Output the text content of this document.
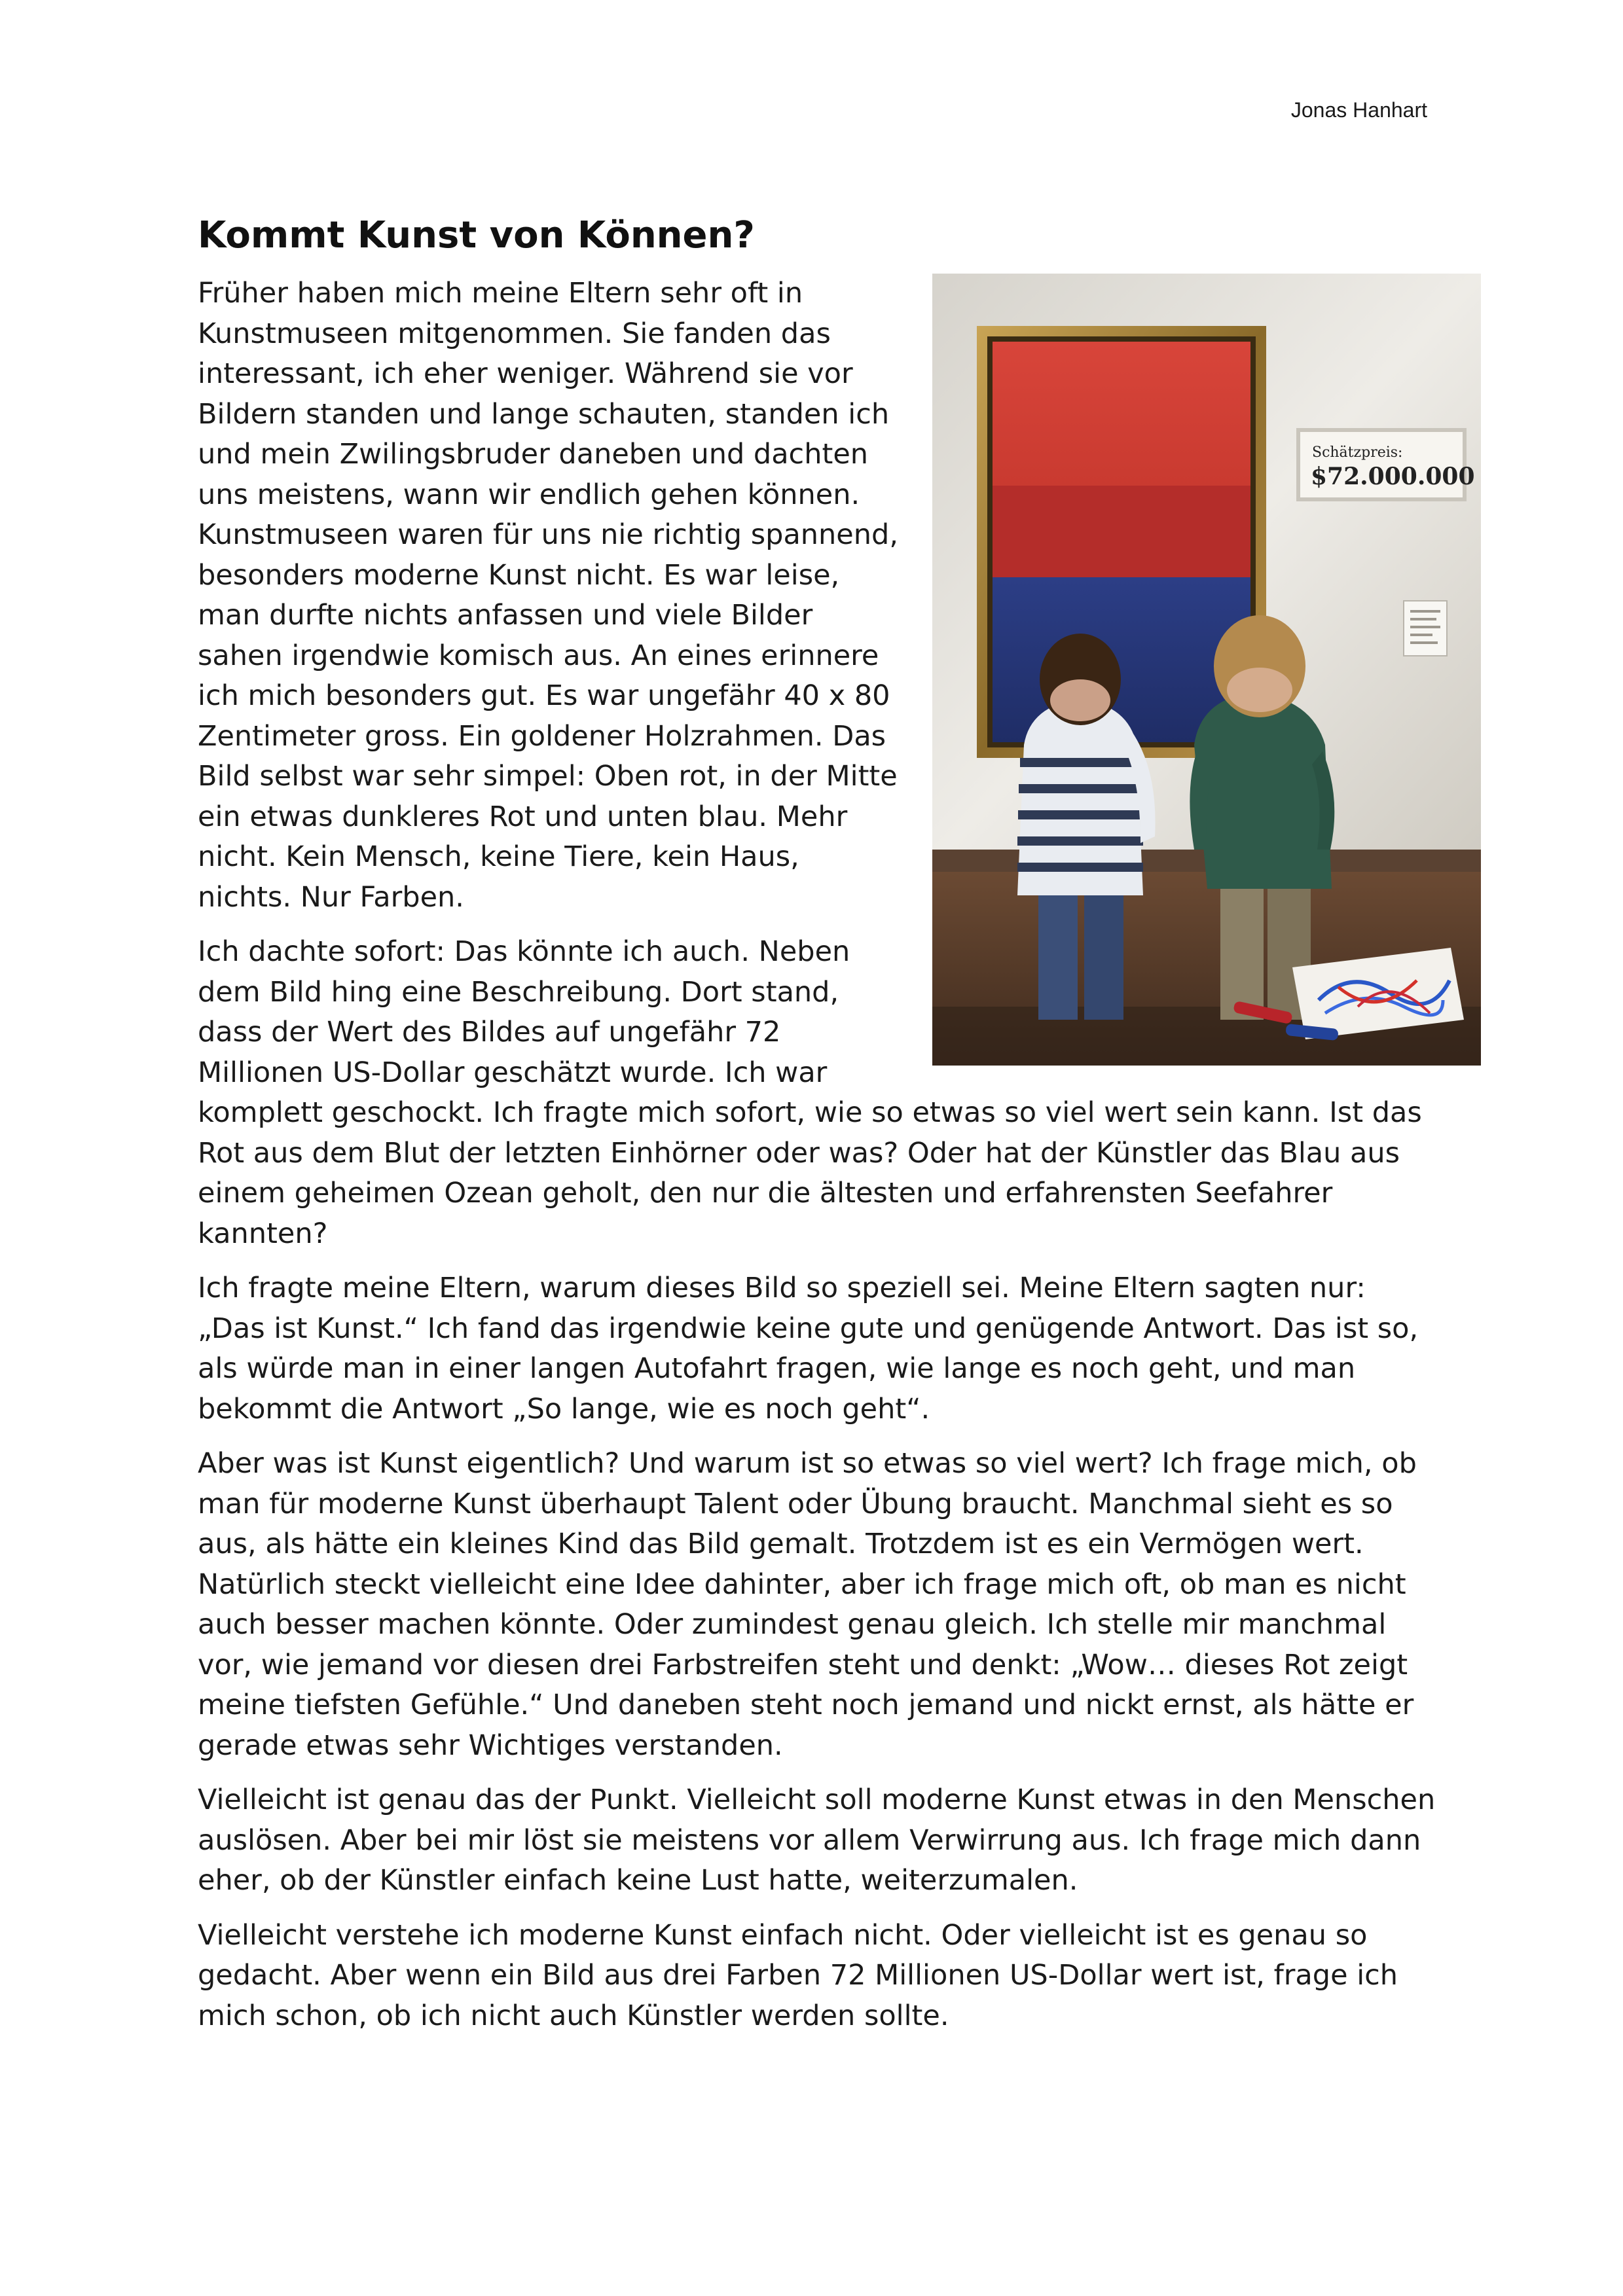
Jonas Hanhart
Kommt Kunst von Können?
Schätzpreis:
$72.000.000

Früher haben mich meine Eltern sehr oft in Kunstmuseen mitgenommen. Sie fanden das interessant, ich eher weniger. Während sie vor Bildern standen und lange schauten, standen ich und mein Zwilingsbruder daneben und dachten uns meistens, wann wir endlich gehen können. Kunstmuseen waren für uns nie richtig spannend, besonders moderne Kunst nicht. Es war leise, man durfte nichts anfassen und viele Bilder sahen irgendwie komisch aus. An eines erinnere ich mich besonders gut. Es war ungefähr 40 x 80 Zentimeter gross. Ein goldener Holzrahmen. Das Bild selbst war sehr simpel: Oben rot, in der Mitte ein etwas dunkleres Rot und unten blau. Mehr nicht. Kein Mensch, keine Tiere, kein Haus, nichts. Nur Farben.

Ich dachte sofort: Das könnte ich auch. Neben dem Bild hing eine Beschreibung. Dort stand, dass der Wert des Bildes auf ungefähr 72 Millionen US-Dollar geschätzt wurde. Ich war komplett geschockt. Ich fragte mich sofort, wie so etwas so viel wert sein kann. Ist das Rot aus dem Blut der letzten Einhörner oder was? Oder hat der Künstler das Blau aus einem geheimen Ozean geholt, den nur die ältesten und erfahrensten Seefahrer kannten?

Ich fragte meine Eltern, warum dieses Bild so speziell sei. Meine Eltern sagten nur: „Das ist Kunst.“ Ich fand das irgendwie keine gute und genügende Antwort. Das ist so, als würde man in einer langen Autofahrt fragen, wie lange es noch geht, und man bekommt die Antwort „So lange, wie es noch geht“.

Aber was ist Kunst eigentlich? Und warum ist so etwas so viel wert? Ich frage mich, ob man für moderne Kunst überhaupt Talent oder Übung braucht. Manchmal sieht es so aus, als hätte ein kleines Kind das Bild gemalt. Trotzdem ist es ein Vermögen wert. Natürlich steckt vielleicht eine Idee dahinter, aber ich frage mich oft, ob man es nicht auch besser machen könnte. Oder zumindest genau gleich. Ich stelle mir manchmal vor, wie jemand vor diesen drei Farbstreifen steht und denkt: „Wow… dieses Rot zeigt meine tiefsten Gefühle.“ Und daneben steht noch jemand und nickt ernst, als hätte er gerade etwas sehr Wichtiges verstanden.

Vielleicht ist genau das der Punkt. Vielleicht soll moderne Kunst etwas in den Menschen auslösen. Aber bei mir löst sie meistens vor allem Verwirrung aus. Ich frage mich dann eher, ob der Künstler einfach keine Lust hatte, weiterzumalen.

Vielleicht verstehe ich moderne Kunst einfach nicht. Oder vielleicht ist es genau so gedacht. Aber wenn ein Bild aus drei Farben 72 Millionen US-Dollar wert ist, frage ich mich schon, ob ich nicht auch Künstler werden sollte.
